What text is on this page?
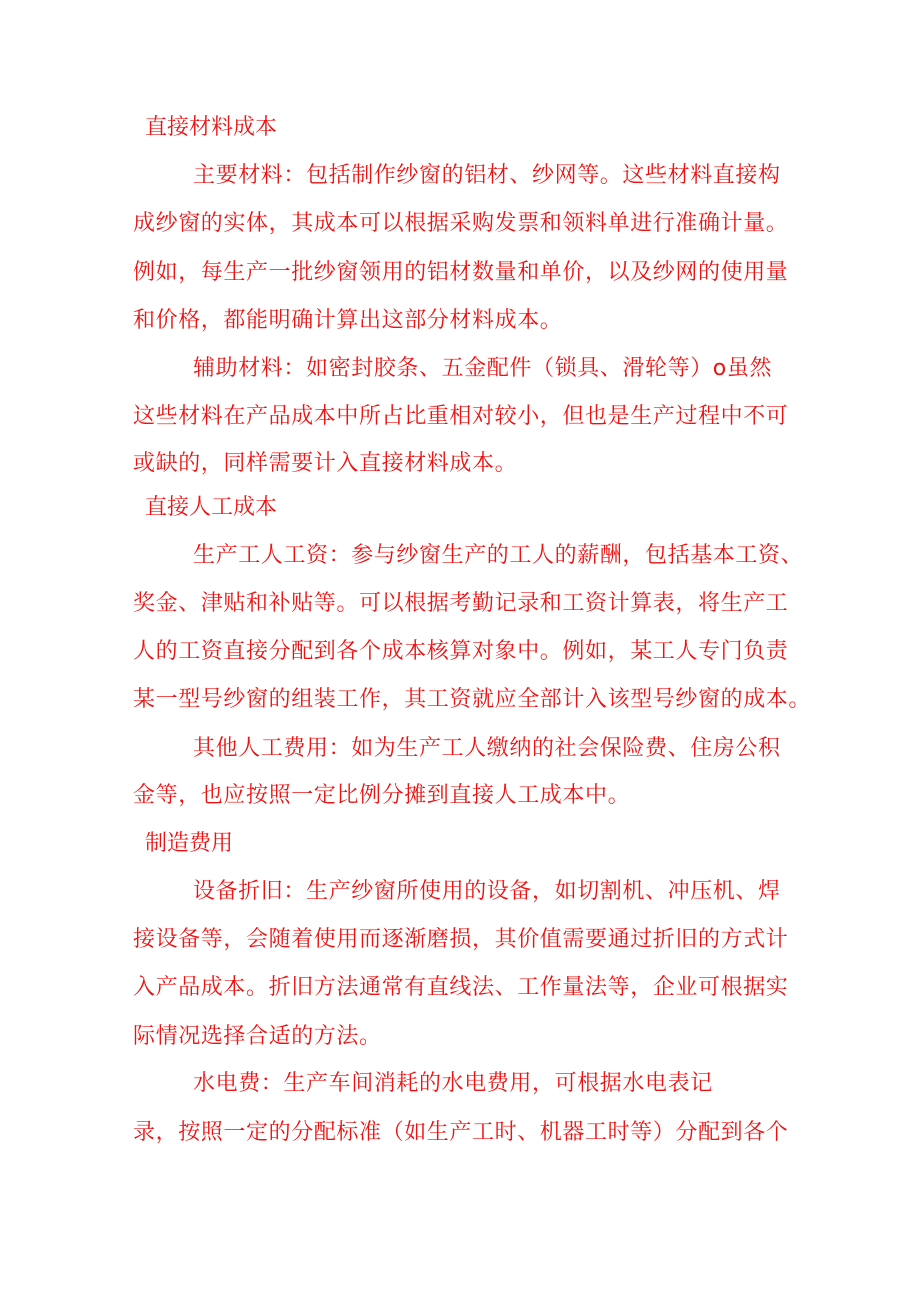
直接材料成本
主要材料：包括制作纱窗的铝材、纱网等。这些材料直接构
成纱窗的实体，其成本可以根据采购发票和领料单进行准确计量。
例如，每生产一批纱窗领用的铝材数量和单价，以及纱网的使用量
和价格，都能明确计算出这部分材料成本。
辅助材料：如密封胶条、五金配件（锁具、滑轮等）o虽然
这些材料在产品成本中所占比重相对较小，但也是生产过程中不可
或缺的，同样需要计入直接材料成本。
直接人工成本
生产工人工资：参与纱窗生产的工人的薪酬，包括基本工资、
奖金、津贴和补贴等。可以根据考勤记录和工资计算表，将生产工
人的工资直接分配到各个成本核算对象中。例如，某工人专门负责
某一型号纱窗的组装工作，其工资就应全部计入该型号纱窗的成本。
其他人工费用：如为生产工人缴纳的社会保险费、住房公积
金等，也应按照一定比例分摊到直接人工成本中。
制造费用
设备折旧：生产纱窗所使用的设备，如切割机、冲压机、焊
接设备等，会随着使用而逐渐磨损，其价值需要通过折旧的方式计
入产品成本。折旧方法通常有直线法、工作量法等，企业可根据实
际情况选择合适的方法。
水电费：生产车间消耗的水电费用，可根据水电表记
录，按照一定的分配标准（如生产工时、机器工时等）分配到各个
